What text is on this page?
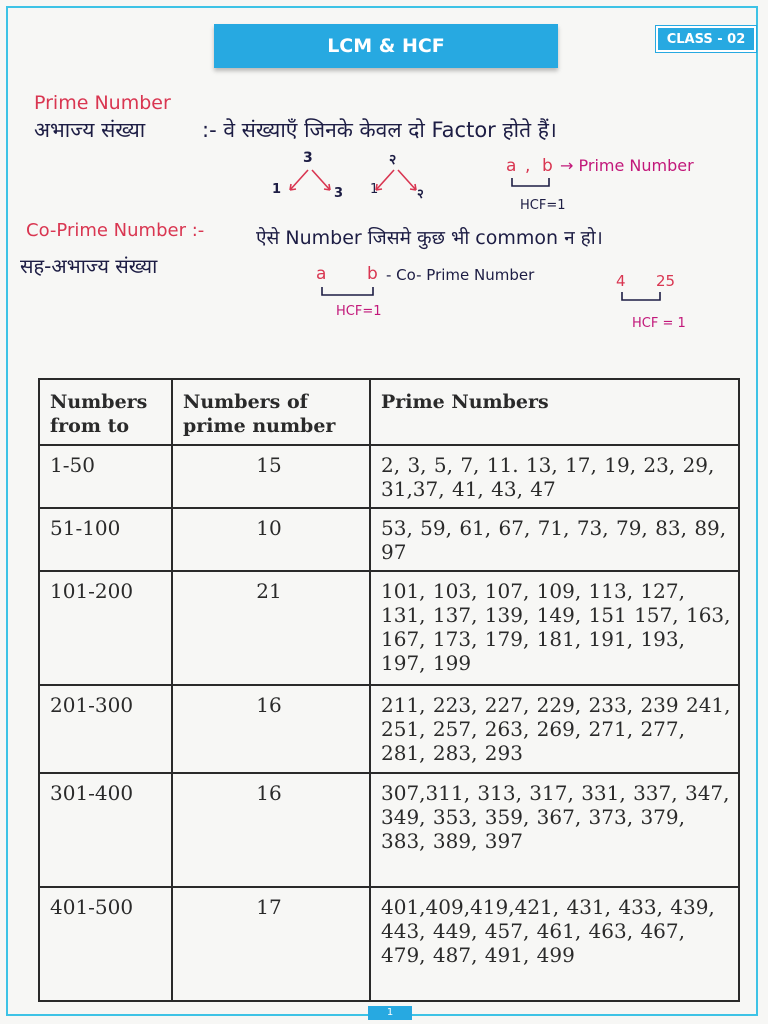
LCM & HCF	CLASS - 02
Prime Number
अभाज्य संख्या	:- वे संख्याएँ जिनके केवल दो Factor होते हैं।
3
1	3
२
1	२
a , b → Prime Number
HCF=1
Co-Prime Number :-	ऐसे Number जिसमे कुछ भी common न हो।
सह-अभाज्य संख्या	a b - Co- Prime Number
HCF=1
4 25
HCF = 1
Numbers from to	Numbers of prime number	Prime Numbers
1-50	15	2, 3, 5, 7, 11. 13, 17, 19, 23, 29, 31,37, 41, 43, 47
51-100	10	53, 59, 61, 67, 71, 73, 79, 83, 89, 97
101-200	21	101, 103, 107, 109, 113, 127, 131, 137, 139, 149, 151 157, 163, 167, 173, 179, 181, 191, 193, 197, 199
201-300	16	211, 223, 227, 229, 233, 239 241, 251, 257, 263, 269, 271, 277, 281, 283, 293
301-400	16	307,311, 313, 317, 331, 337, 347, 349, 353, 359, 367, 373, 379, 383, 389, 397
401-500	17	401,409,419,421, 431, 433, 439, 443, 449, 457, 461, 463, 467, 479, 487, 491, 499
1
